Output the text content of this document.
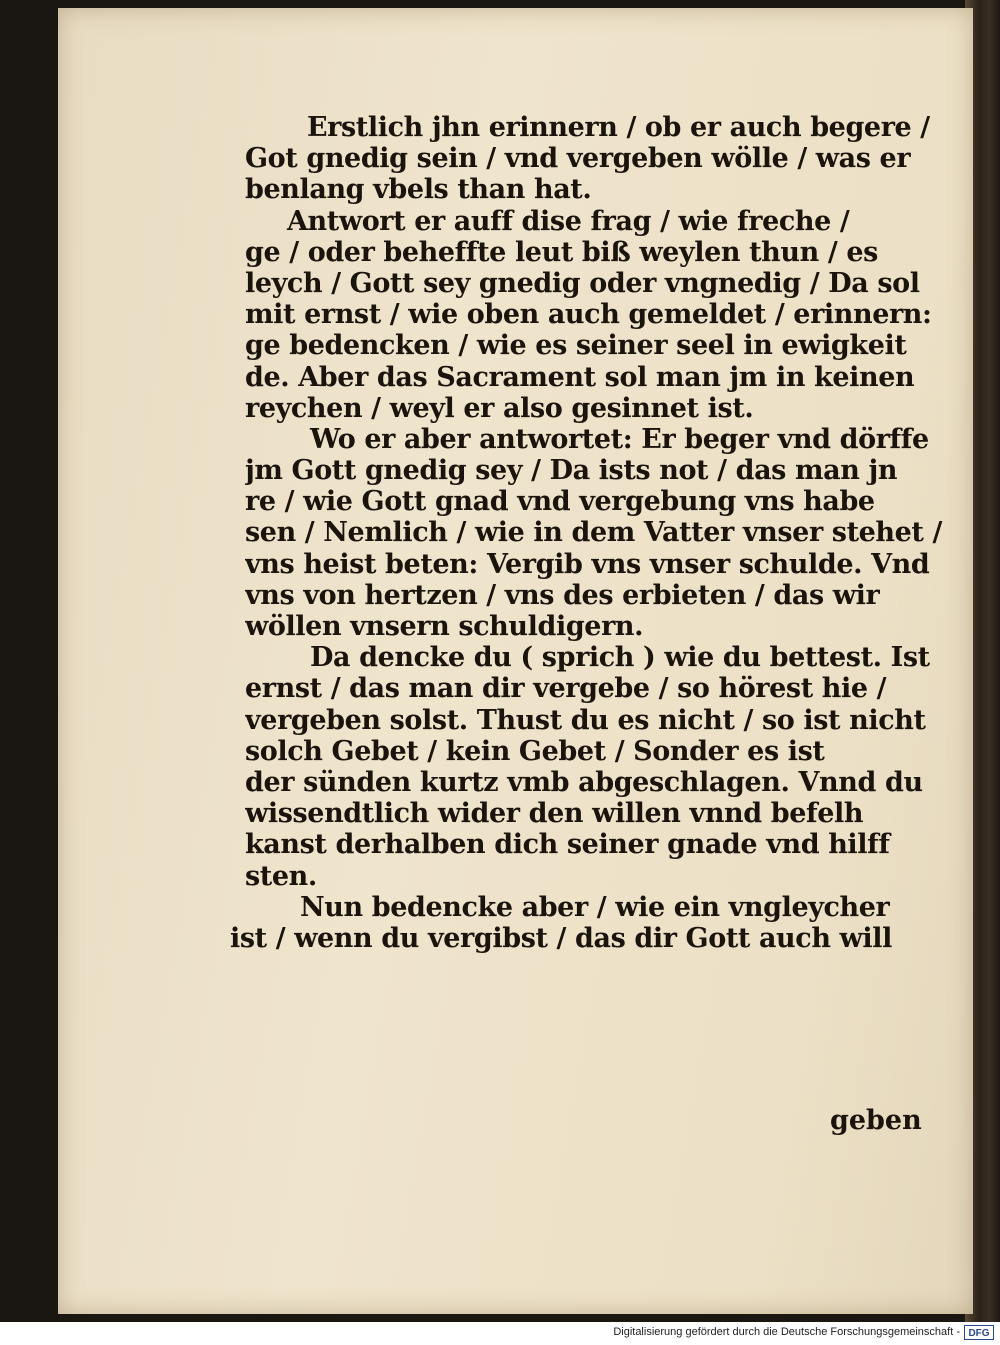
Erstlich jhn erinnern / ob er auch begere /
Got gnedig sein / vnd vergeben wölle / was er
benlang vbels than hat.
Antwort er auff dise frag / wie freche /
ge / oder beheffte leut biß weylen thun / es
leych / Gott sey gnedig oder vngnedig / Da sol
mit ernst / wie oben auch gemeldet / erinnern:
ge bedencken / wie es seiner seel in ewigkeit
de. Aber das Sacrament sol man jm in keinen
reychen / weyl er also gesinnet ist.
Wo er aber antwortet: Er beger vnd dörffe
jm Gott gnedig sey / Da ists not / das man jn
re / wie Gott gnad vnd vergebung vns habe
sen / Nemlich / wie in dem Vatter vnser stehet /
vns heist beten: Vergib vns vnser schulde. Vnd
vns von hertzen / vns des erbieten / das wir
wöllen vnsern schuldigern.
Da dencke du ( sprich ) wie du bettest. Ist
ernst / das man dir vergebe / so hörest hie /
vergeben solst. Thust du es nicht / so ist nicht
solch Gebet / kein Gebet / Sonder es ist
der sünden kurtz vmb abgeschlagen. Vnnd du
wissendtlich wider den willen vnnd befelh
kanst derhalben dich seiner gnade vnd hilff
sten.
Nun bedencke aber / wie ein vngleycher
ist / wenn du vergibst / das dir Gott auch will
geben
Digitalisierung gefördert durch die Deutsche Forschungsgemeinschaft - DFG
